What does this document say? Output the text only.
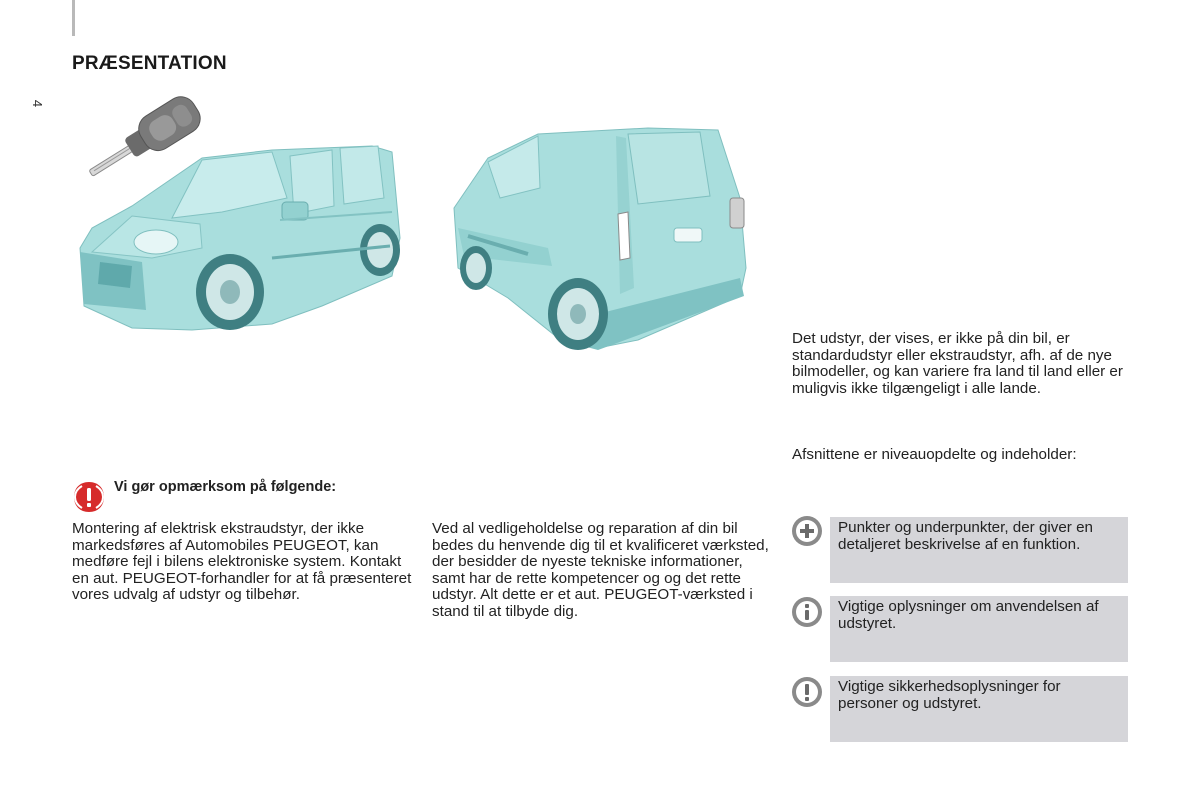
4
PRÆSENTATION
Vi gør opmærksom på følgende:

Montering af elektrisk ekstraudstyr, der ikke markedsføres af Automobiles PEUGEOT, kan medføre fejl i bilens elektroniske system. Kontakt en aut. PEUGEOT-forhandler for at få præsenteret vores udvalg af udstyr og tilbehør.

Ved al vedligeholdelse og reparation af din bil bedes du henvende dig til et kvalificeret værksted, der besidder de nyeste tekniske informationer, samt har de rette kompetencer og og det rette udstyr. Alt dette er et aut. PEUGEOT-værksted i stand til at tilbyde dig.

Det udstyr, der vises, er ikke på din bil, er standardudstyr eller ekstraudstyr, afh. af de nye bilmodeller, og kan variere fra land til land eller er muligvis ikke tilgængeligt i alle lande.

Afsnittene er niveauopdelte og indeholder:

Punkter og underpunkter, der giver en detaljeret beskrivelse af en funktion.
Vigtige oplysninger om anvendelsen af udstyret.
Vigtige sikkerhedsoplysninger for personer og udstyret.
